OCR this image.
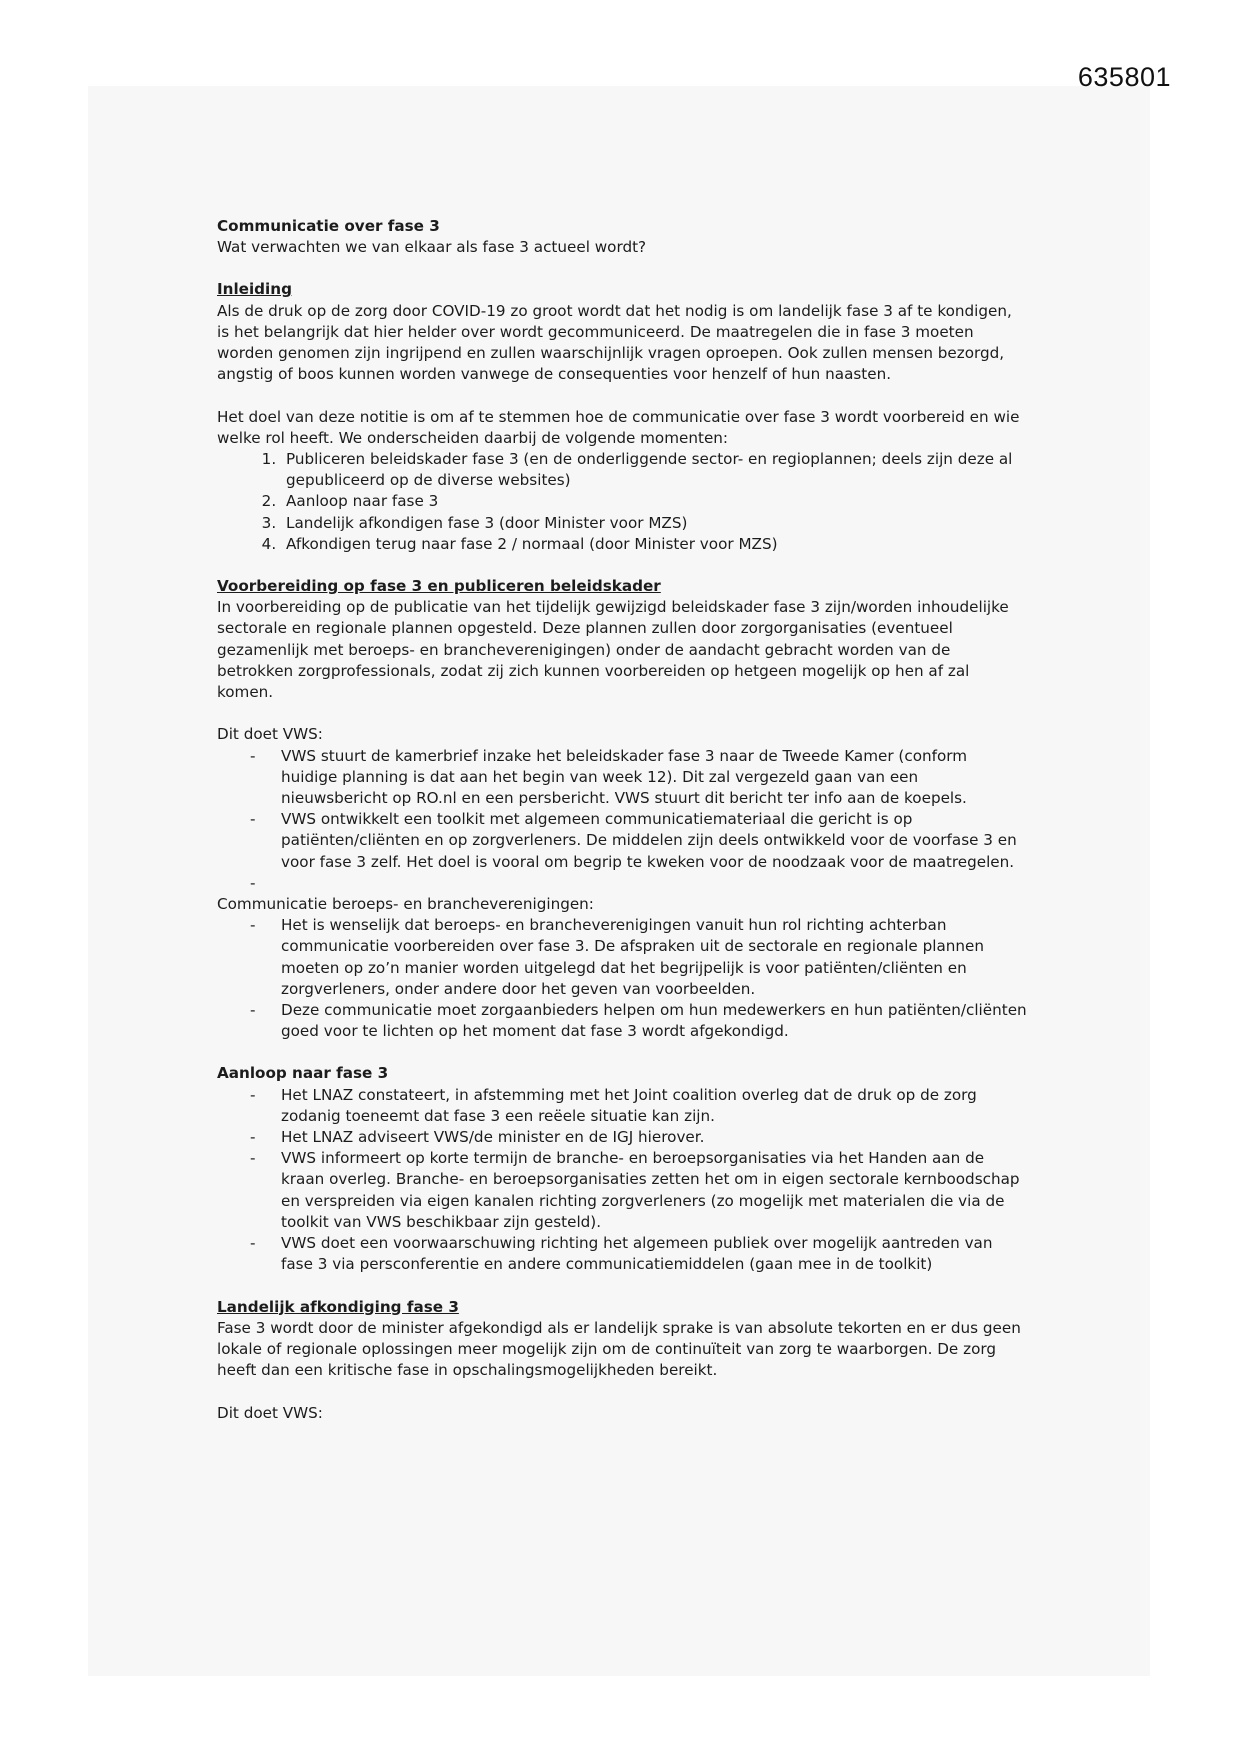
635801

Communicatie over fase 3

Wat verwachten we van elkaar als fase 3 actueel wordt?

Inleiding

Als de druk op de zorg door COVID-19 zo groot wordt dat het nodig is om landelijk fase 3 af te kondigen, is het belangrijk dat hier helder over wordt gecommuniceerd. De maatregelen die in fase 3 moeten worden genomen zijn ingrijpend en zullen waarschijnlijk vragen oproepen. Ook zullen mensen bezorgd, angstig of boos kunnen worden vanwege de consequenties voor henzelf of hun naasten.

Het doel van deze notitie is om af te stemmen hoe de communicatie over fase 3 wordt voorbereid en wie welke rol heeft. We onderscheiden daarbij de volgende momenten:

1. Publiceren beleidskader fase 3 (en de onderliggende sector- en regioplannen; deels zijn deze al gepubliceerd op de diverse websites)
2. Aanloop naar fase 3
3. Landelijk afkondigen fase 3 (door Minister voor MZS)
4. Afkondigen terug naar fase 2 / normaal (door Minister voor MZS)

Voorbereiding op fase 3 en publiceren beleidskader

In voorbereiding op de publicatie van het tijdelijk gewijzigd beleidskader fase 3 zijn/worden inhoudelijke sectorale en regionale plannen opgesteld. Deze plannen zullen door zorgorganisaties (eventueel gezamenlijk met beroeps- en brancheverenigingen) onder de aandacht gebracht worden van de betrokken zorgprofessionals, zodat zij zich kunnen voorbereiden op hetgeen mogelijk op hen af zal komen.

Dit doet VWS:

- VWS stuurt de kamerbrief inzake het beleidskader fase 3 naar de Tweede Kamer (conform huidige planning is dat aan het begin van week 12). Dit zal vergezeld gaan van een nieuwsbericht op RO.nl en een persbericht. VWS stuurt dit bericht ter info aan de koepels.
- VWS ontwikkelt een toolkit met algemeen communicatiemateriaal die gericht is op patiënten/cliënten en op zorgverleners. De middelen zijn deels ontwikkeld voor de voorfase 3 en voor fase 3 zelf. Het doel is vooral om begrip te kweken voor de noodzaak voor de maatregelen.
-

Communicatie beroeps- en brancheverenigingen:

- Het is wenselijk dat beroeps- en brancheverenigingen vanuit hun rol richting achterban communicatie voorbereiden over fase 3. De afspraken uit de sectorale en regionale plannen moeten op zo’n manier worden uitgelegd dat het begrijpelijk is voor patiënten/cliënten en zorgverleners, onder andere door het geven van voorbeelden.
- Deze communicatie moet zorgaanbieders helpen om hun medewerkers en hun patiënten/cliënten goed voor te lichten op het moment dat fase 3 wordt afgekondigd.

Aanloop naar fase 3

- Het LNAZ constateert, in afstemming met het Joint coalition overleg dat de druk op de zorg zodanig toeneemt dat fase 3 een reëele situatie kan zijn.
- Het LNAZ adviseert VWS/de minister en de IGJ hierover.
- VWS informeert op korte termijn de branche- en beroepsorganisaties via het Handen aan de kraan overleg. Branche- en beroepsorganisaties zetten het om in eigen sectorale kernboodschap en verspreiden via eigen kanalen richting zorgverleners (zo mogelijk met materialen die via de toolkit van VWS beschikbaar zijn gesteld).
- VWS doet een voorwaarschuwing richting het algemeen publiek over mogelijk aantreden van fase 3 via persconferentie en andere communicatiemiddelen (gaan mee in de toolkit)

Landelijk afkondiging fase 3

Fase 3 wordt door de minister afgekondigd als er landelijk sprake is van absolute tekorten en er dus geen lokale of regionale oplossingen meer mogelijk zijn om de continuïteit van zorg te waarborgen. De zorg heeft dan een kritische fase in opschalingsmogelijkheden bereikt.

Dit doet VWS:
